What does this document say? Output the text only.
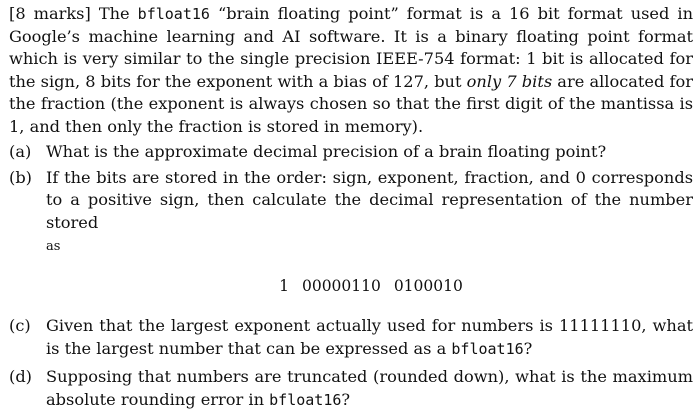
[8 marks] The bfloat16 “brain floating point” format is a 16 bit format used in Google’s machine learning and AI software. It is a binary floating point format which is very similar to the single precision IEEE-754 format: 1 bit is allocated for the sign, 8 bits for the exponent with a bias of 127, but only 7 bits are allocated for the fraction (the exponent is always chosen so that the first digit of the mantissa is 1, and then only the fraction is stored in memory).
(a) What is the approximate decimal precision of a brain floating point?
(b) If the bits are stored in the order: sign, exponent, fraction, and 0 corresponds to a positive sign, then calculate the decimal representation of the number stored
as
1 00000110 0100010
(c) Given that the largest exponent actually used for numbers is 11111110, what is the largest number that can be expressed as a bfloat16?
(d) Supposing that numbers are truncated (rounded down), what is the maximum absolute rounding error in bfloat16?
